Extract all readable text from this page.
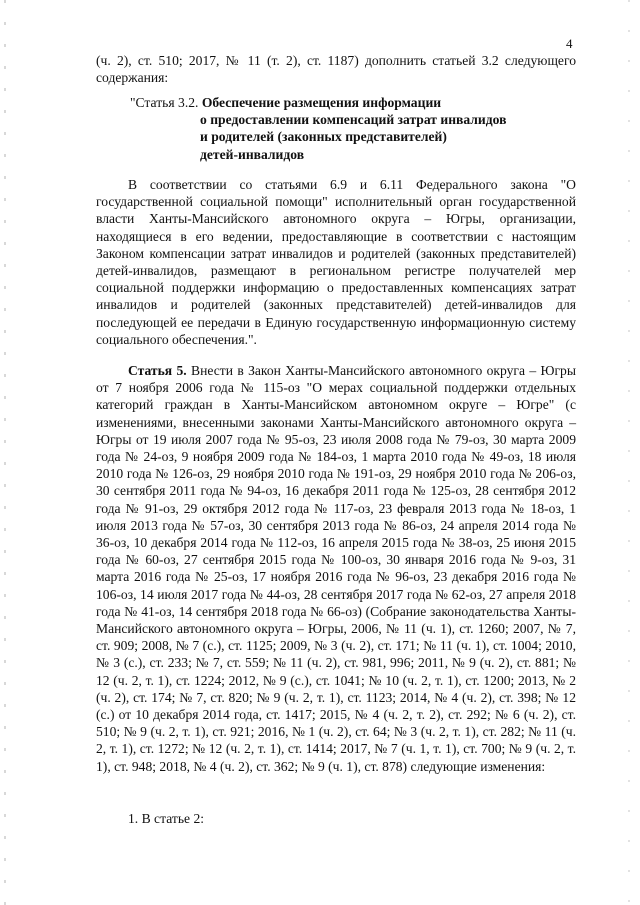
4

(ч. 2), ст. 510; 2017, № 11 (т. 2), ст. 1187) дополнить статьей 3.2 следующего содержания:

"Статья 3.2. Обеспечение размещения информации
о предоставлении компенсаций затрат инвалидов
и родителей (законных представителей)
детей-инвалидов

В соответствии со статьями 6.9 и 6.11 Федерального закона "О государственной социальной помощи" исполнительный орган государственной власти Ханты-Мансийского автономного округа – Югры, организации, находящиеся в его ведении, предоставляющие в соответствии с настоящим Законом компенсации затрат инвалидов и родителей (законных представителей) детей-инвалидов, размещают в региональном регистре получателей мер социальной поддержки информацию о предоставленных компенсациях затрат инвалидов и родителей (законных представителей) детей-инвалидов для последующей ее передачи в Единую государственную информационную систему социального обеспечения.".

Статья 5. Внести в Закон Ханты-Мансийского автономного округа – Югры от 7 ноября 2006 года № 115-оз "О мерах социальной поддержки отдельных категорий граждан в Ханты-Мансийском автономном округе – Югре" (с изменениями, внесенными законами Ханты-Мансийского автономного округа – Югры от 19 июля 2007 года № 95-оз, 23 июля 2008 года № 79-оз, 30 марта 2009 года № 24-оз, 9 ноября 2009 года № 184-оз, 1 марта 2010 года № 49-оз, 18 июля 2010 года № 126-оз, 29 ноября 2010 года № 191-оз, 29 ноября 2010 года № 206-оз, 30 сентября 2011 года № 94-оз, 16 декабря 2011 года № 125-оз, 28 сентября 2012 года № 91-оз, 29 октября 2012 года № 117-оз, 23 февраля 2013 года № 18-оз, 1 июля 2013 года № 57-оз, 30 сентября 2013 года № 86-оз, 24 апреля 2014 года № 36-оз, 10 декабря 2014 года № 112-оз, 16 апреля 2015 года № 38-оз, 25 июня 2015 года № 60-оз, 27 сентября 2015 года № 100-оз, 30 января 2016 года № 9-оз, 31 марта 2016 года № 25-оз, 17 ноября 2016 года № 96-оз, 23 декабря 2016 года № 106-оз, 14 июля 2017 года № 44-оз, 28 сентября 2017 года № 62-оз, 27 апреля 2018 года № 41-оз, 14 сентября 2018 года № 66-оз) (Собрание законодательства Ханты-Мансийского автономного округа – Югры, 2006, № 11 (ч. 1), ст. 1260; 2007, № 7, ст. 909; 2008, № 7 (с.), ст. 1125; 2009, № 3 (ч. 2), ст. 171; № 11 (ч. 1), ст. 1004; 2010, № 3 (с.), ст. 233; № 7, ст. 559; № 11 (ч. 2), ст. 981, 996; 2011, № 9 (ч. 2), ст. 881; № 12 (ч. 2, т. 1), ст. 1224; 2012, № 9 (с.), ст. 1041; № 10 (ч. 2, т. 1), ст. 1200; 2013, № 2 (ч. 2), ст. 174; № 7, ст. 820; № 9 (ч. 2, т. 1), ст. 1123; 2014, № 4 (ч. 2), ст. 398; № 12 (с.) от 10 декабря 2014 года, ст. 1417; 2015, № 4 (ч. 2, т. 2), ст. 292; № 6 (ч. 2), ст. 510; № 9 (ч. 2, т. 1), ст. 921; 2016, № 1 (ч. 2), ст. 64; № 3 (ч. 2, т. 1), ст. 282; № 11 (ч. 2, т. 1), ст. 1272; № 12 (ч. 2, т. 1), ст. 1414; 2017, № 7 (ч. 1, т. 1), ст. 700; № 9 (ч. 2, т. 1), ст. 948; 2018, № 4 (ч. 2), ст. 362; № 9 (ч. 1), ст. 878) следующие изменения:

1. В статье 2:
